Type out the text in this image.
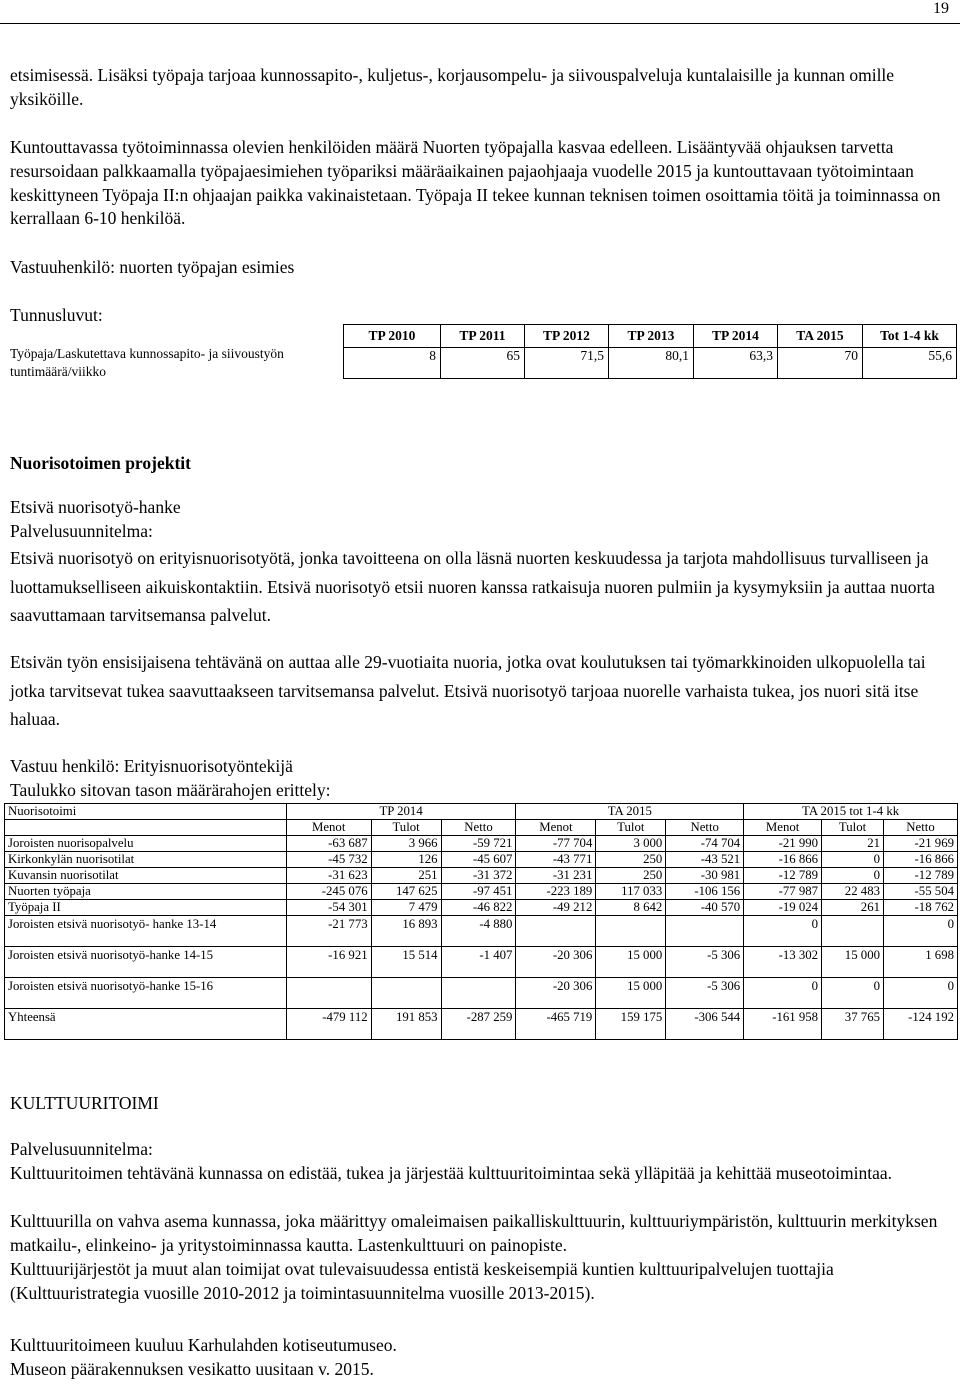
19
etsimisessä. Lisäksi työpaja tarjoaa kunnossapito-, kuljetus-, korjausompelu- ja siivouspalveluja kuntalaisille ja kunnan omille yksiköille.
Kuntouttavassa työtoiminnassa olevien henkilöiden määrä Nuorten työpajalla kasvaa edelleen. Lisääntyvää ohjauksen tarvetta resursoidaan palkkaamalla työpajaesimiehen työpariksi määräaikainen pajaohjaaja vuodelle 2015 ja kuntouttavaan työtoimintaan keskittyneen Työpaja II:n ohjaajan paikka vakinaistetaan. Työpaja II tekee kunnan teknisen toimen osoittamia töitä ja toiminnassa on kerrallaan 6-10 henkilöä.
Vastuuhenkilö: nuorten työpajan esimies
Tunnusluvut:
Työpaja/Laskutettava kunnossapito- ja siivoustyön tuntimäärä/viikko
TP 2010	TP 2011	TP 2012	TP 2013	TP 2014	TA 2015	Tot 1-4 kk
8	65	71,5	80,1	63,3	70	55,6
Nuorisotoimen projektit
Etsivä nuorisotyö-hanke
Palvelusuunnitelma:
Etsivä nuorisotyö on erityisnuorisotyötä, jonka tavoitteena on olla läsnä nuorten keskuudessa ja tarjota mahdollisuus turvalliseen ja luottamukselliseen aikuiskontaktiin. Etsivä nuorisotyö etsii nuoren kanssa ratkaisuja nuoren pulmiin ja kysymyksiin ja auttaa nuorta saavuttamaan tarvitsemansa palvelut.
Etsivän työn ensisijaisena tehtävänä on auttaa alle 29-vuotiaita nuoria, jotka ovat koulutuksen tai työmarkkinoiden ulkopuolella tai jotka tarvitsevat tukea saavuttaakseen tarvitsemansa palvelut. Etsivä nuorisotyö tarjoaa nuorelle varhaista tukea, jos nuori sitä itse haluaa.
Vastuu henkilö: Erityisnuorisotyöntekijä
Taulukko sitovan tason määrärahojen erittely:
Nuorisotoimi	TP 2014			TA 2015			TA 2015 tot 1-4 kk		
	Menot	Tulot	Netto	Menot	Tulot	Netto	Menot	Tulot	Netto
Joroisten nuorisopalvelu	-63 687	3 966	-59 721	-77 704	3 000	-74 704	-21 990	21	-21 969
Kirkonkylän nuorisotilat	-45 732	126	-45 607	-43 771	250	-43 521	-16 866	0	-16 866
Kuvansin nuorisotilat	-31 623	251	-31 372	-31 231	250	-30 981	-12 789	0	-12 789
Nuorten työpaja	-245 076	147 625	-97 451	-223 189	117 033	-106 156	-77 987	22 483	-55 504
Työpaja II	-54 301	7 479	-46 822	-49 212	8 642	-40 570	-19 024	261	-18 762
Joroisten etsivä nuorisotyö- hanke 13-14	-21 773	16 893	-4 880				0		0
Joroisten etsivä nuorisotyö-hanke 14-15	-16 921	15 514	-1 407	-20 306	15 000	-5 306	-13 302	15 000	1 698
Joroisten etsivä nuorisotyö-hanke 15-16				-20 306	15 000	-5 306	0	0	0
Yhteensä	-479 112	191 853	-287 259	-465 719	159 175	-306 544	-161 958	37 765	-124 192
KULTTUURITOIMI
Palvelusuunnitelma:
Kulttuuritoimen tehtävänä kunnassa on edistää, tukea ja järjestää kulttuuritoimintaa sekä ylläpitää ja kehittää museotoimintaa.
Kulttuurilla on vahva asema kunnassa, joka määrittyy omaleimaisen paikalliskulttuurin, kulttuuriympäristön, kulttuurin merkityksen matkailu-, elinkeino- ja yritystoiminnassa kautta. Lastenkulttuuri on painopiste.
Kulttuurijärjestöt ja muut alan toimijat ovat tulevaisuudessa entistä keskeisempiä kuntien kulttuuripalvelujen tuottajia (Kulttuuristrategia vuosille 2010-2012 ja toimintasuunnitelma vuosille 2013-2015).
Kulttuuritoimeen kuuluu Karhulahden kotiseutumuseo.
Museon päärakennuksen vesikatto uusitaan v. 2015.
